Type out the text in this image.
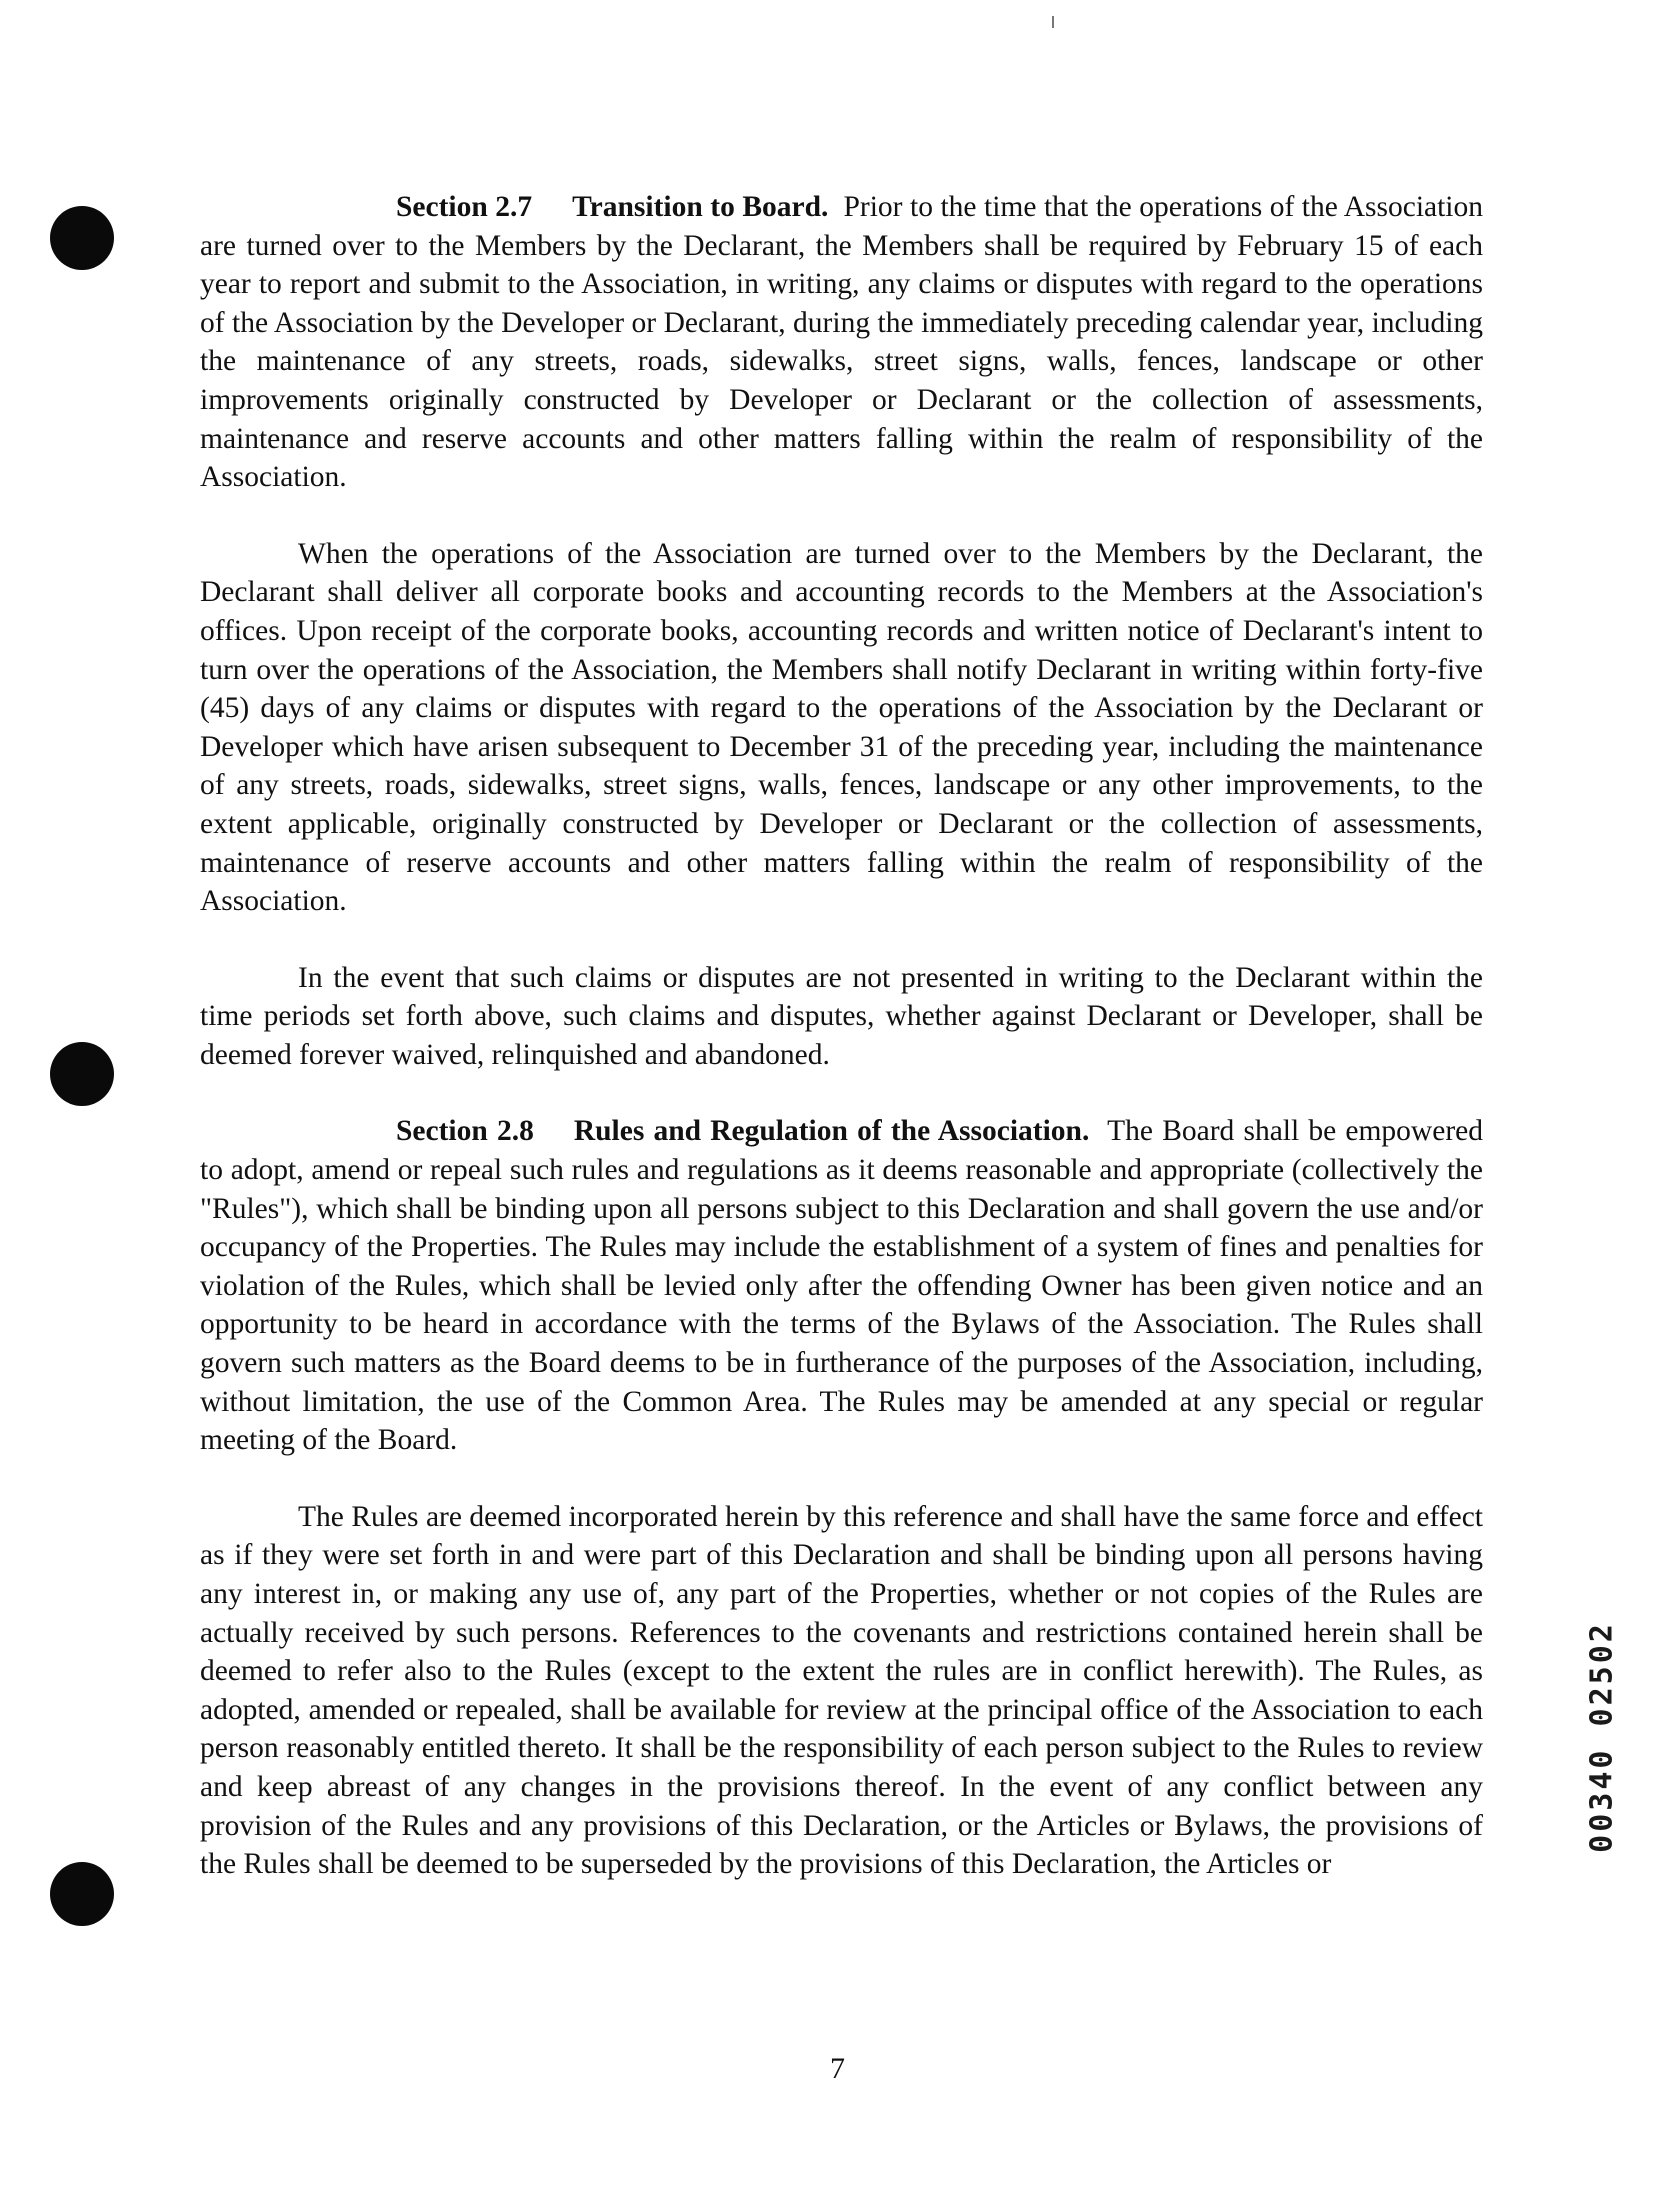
Section 2.7 Transition to Board. Prior to the time that the operations of the Association are turned over to the Members by the Declarant, the Members shall be required by February 15 of each year to report and submit to the Association, in writing, any claims or disputes with regard to the operations of the Association by the Developer or Declarant, during the immediately preceding calendar year, including the maintenance of any streets, roads, sidewalks, street signs, walls, fences, landscape or other improvements originally constructed by Developer or Declarant or the collection of assessments, maintenance and reserve accounts and other matters falling within the realm of responsibility of the Association.

When the operations of the Association are turned over to the Members by the Declarant, the Declarant shall deliver all corporate books and accounting records to the Members at the Association's offices. Upon receipt of the corporate books, accounting records and written notice of Declarant's intent to turn over the operations of the Association, the Members shall notify Declarant in writing within forty-five (45) days of any claims or disputes with regard to the operations of the Association by the Declarant or Developer which have arisen subsequent to December 31 of the preceding year, including the maintenance of any streets, roads, sidewalks, street signs, walls, fences, landscape or any other improvements, to the extent applicable, originally constructed by Developer or Declarant or the collection of assessments, maintenance of reserve accounts and other matters falling within the realm of responsibility of the Association.

In the event that such claims or disputes are not presented in writing to the Declarant within the time periods set forth above, such claims and disputes, whether against Declarant or Developer, shall be deemed forever waived, relinquished and abandoned.

Section 2.8 Rules and Regulation of the Association. The Board shall be empowered to adopt, amend or repeal such rules and regulations as it deems reasonable and appropriate (collectively the "Rules"), which shall be binding upon all persons subject to this Declaration and shall govern the use and/or occupancy of the Properties. The Rules may include the establishment of a system of fines and penalties for violation of the Rules, which shall be levied only after the offending Owner has been given notice and an opportunity to be heard in accordance with the terms of the Bylaws of the Association. The Rules shall govern such matters as the Board deems to be in furtherance of the purposes of the Association, including, without limitation, the use of the Common Area. The Rules may be amended at any special or regular meeting of the Board.

The Rules are deemed incorporated herein by this reference and shall have the same force and effect as if they were set forth in and were part of this Declaration and shall be binding upon all persons having any interest in, or making any use of, any part of the Properties, whether or not copies of the Rules are actually received by such persons. References to the covenants and restrictions contained herein shall be deemed to refer also to the Rules (except to the extent the rules are in conflict herewith). The Rules, as adopted, amended or repealed, shall be available for review at the principal office of the Association to each person reasonably entitled thereto. It shall be the responsibility of each person subject to the Rules to review and keep abreast of any changes in the provisions thereof. In the event of any conflict between any provision of the Rules and any provisions of this Declaration, or the Articles or Bylaws, the provisions of the Rules shall be deemed to be superseded by the provisions of this Declaration, the Articles or

00340 02502
7
